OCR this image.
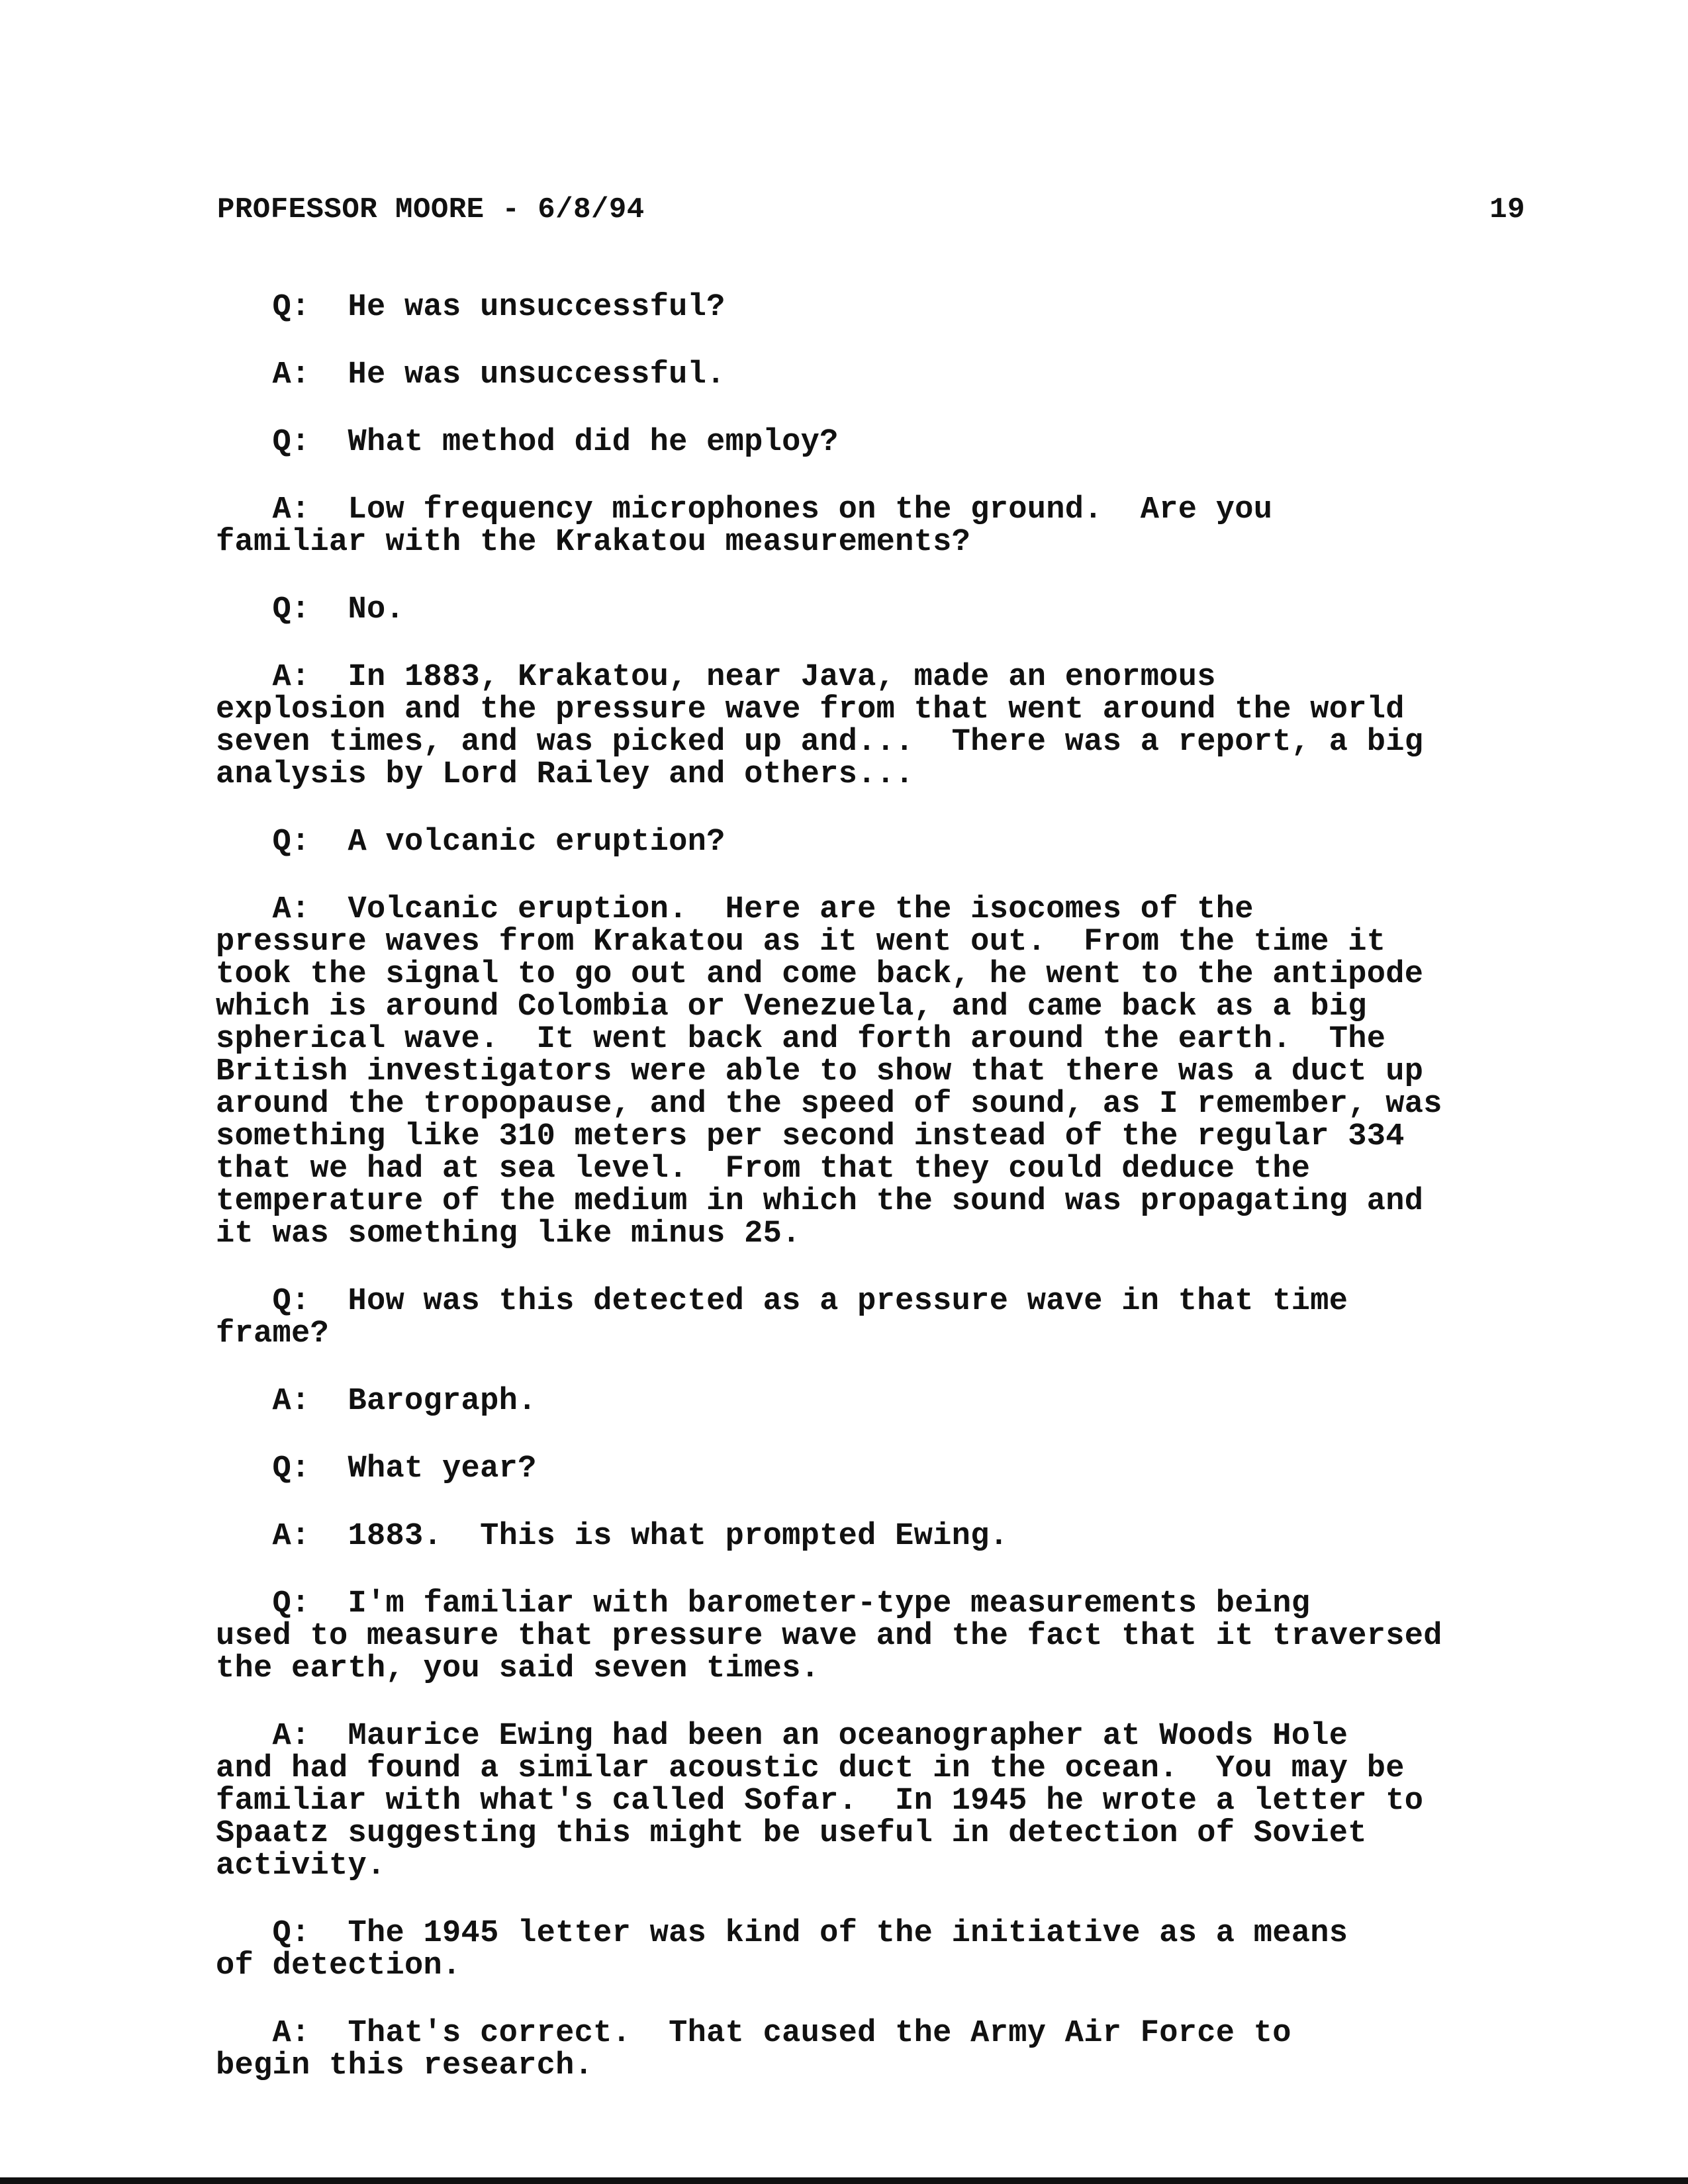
PROFESSOR MOORE - 6/8/94	19
Q:  He was unsuccessful?
A:  He was unsuccessful.
Q:  What method did he employ?
A:  Low frequency microphones on the ground.  Are you
familiar with the Krakatou measurements?
Q:  No.
A:  In 1883, Krakatou, near Java, made an enormous
explosion and the pressure wave from that went around the world
seven times, and was picked up and...  There was a report, a big
analysis by Lord Railey and others...
Q:  A volcanic eruption?
A:  Volcanic eruption.  Here are the isocomes of the
pressure waves from Krakatou as it went out.  From the time it
took the signal to go out and come back, he went to the antipode
which is around Colombia or Venezuela, and came back as a big
spherical wave.  It went back and forth around the earth.  The
British investigators were able to show that there was a duct up
around the tropopause, and the speed of sound, as I remember, was
something like 310 meters per second instead of the regular 334
that we had at sea level.  From that they could deduce the
temperature of the medium in which the sound was propagating and
it was something like minus 25.
Q:  How was this detected as a pressure wave in that time
frame?
A:  Barograph.
Q:  What year?
A:  1883.  This is what prompted Ewing.
Q:  I'm familiar with barometer-type measurements being
used to measure that pressure wave and the fact that it traversed
the earth, you said seven times.
A:  Maurice Ewing had been an oceanographer at Woods Hole
and had found a similar acoustic duct in the ocean.  You may be
familiar with what's called Sofar.  In 1945 he wrote a letter to
Spaatz suggesting this might be useful in detection of Soviet
activity.
Q:  The 1945 letter was kind of the initiative as a means
of detection.
A:  That's correct.  That caused the Army Air Force to
begin this research.
